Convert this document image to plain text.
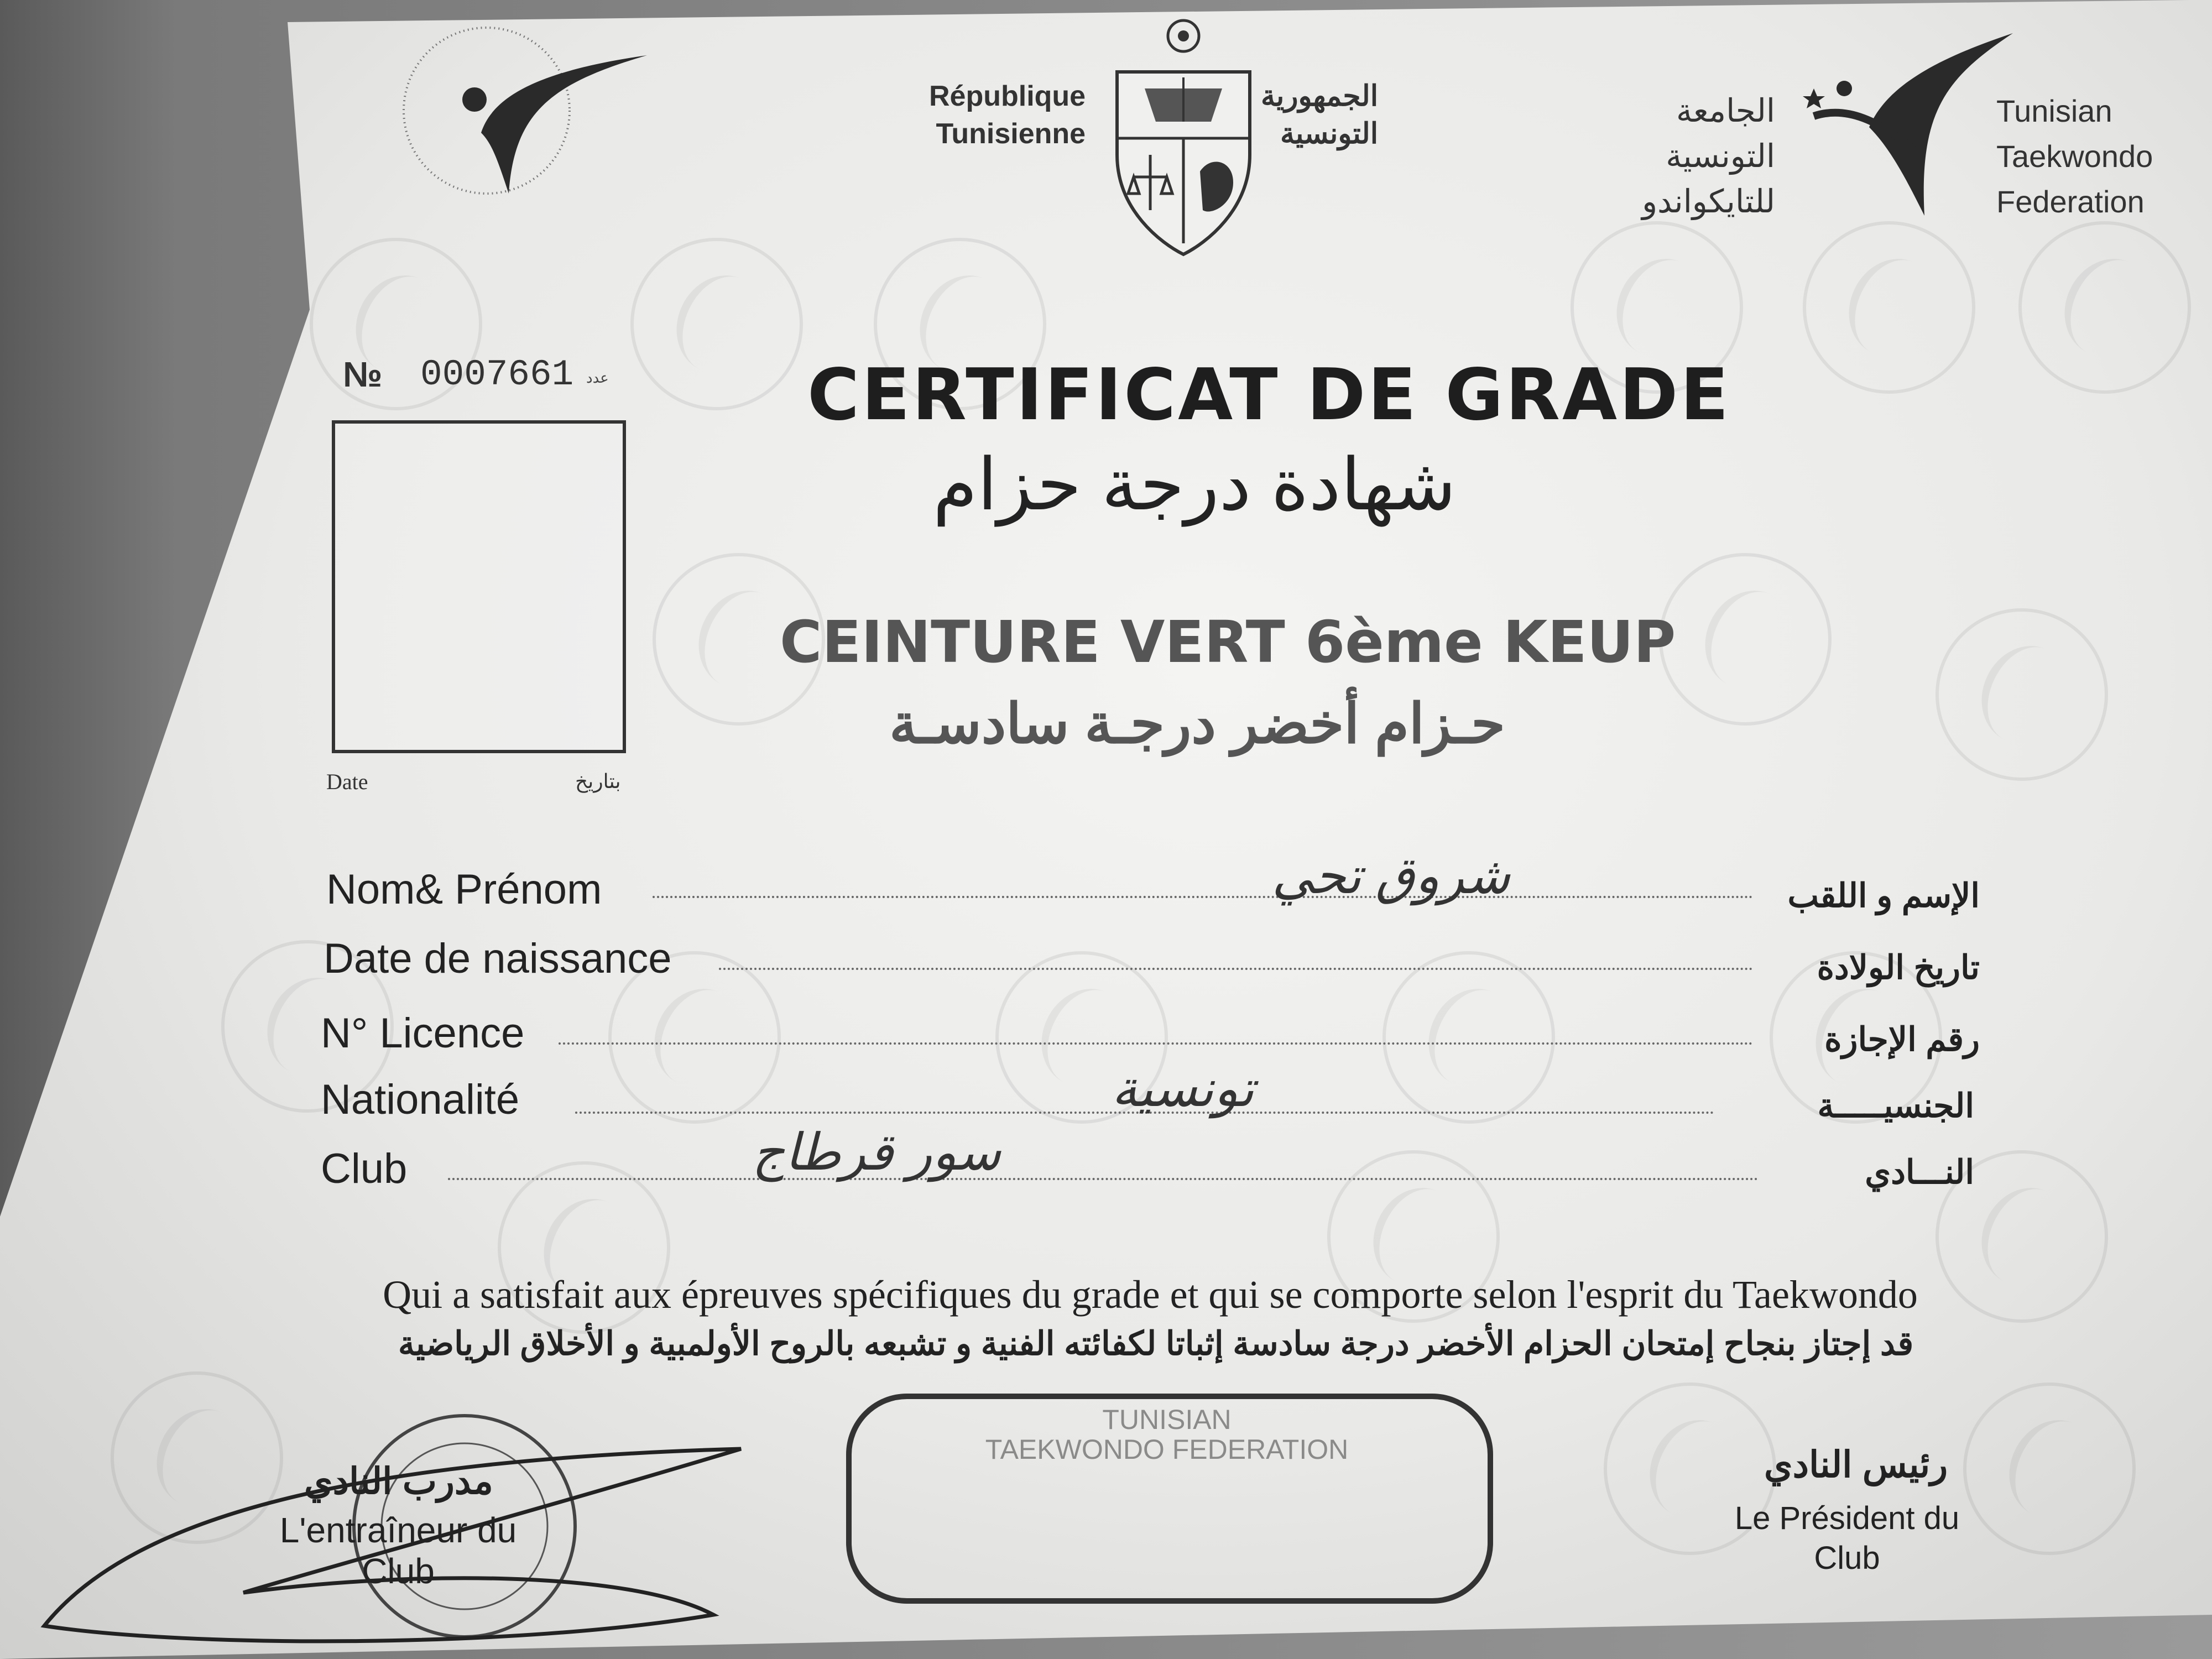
République
Tunisienne
الجمهورية
التونسية
الجامعة
التونسية
للتايكواندو
Tunisian
Taekwondo
Federation
№ 0007661 عدد	CERTIFICAT DE GRADE
شهادة درجة حزام
Date	بتاريخ
CEINTURE VERT 6ème KEUP
حـزام أخضر درجـة سادسـة
Nom& Prénom	شروق تحي	الإسم و اللقب
Date de naissance	تاريخ الولادة
N° Licence	رقم الإجازة
Nationalité	تونسية	الجنسيـــــة
Club	سور قرطاج	النـــادي
Qui a satisfait aux épreuves spécifiques du grade et qui se comporte selon l'esprit du Taekwondo
قد إجتاز بنجاح إمتحان الحزام الأخضر درجة سادسة إثباتا لكفائته الفنية و تشبعه بالروح الأولمبية و الأخلاق الرياضية
TUNISIAN
TAEKWONDO FEDERATION
مدرب النادي
L'entraîneur du Club
رئيس النادي
Le Président du Club
